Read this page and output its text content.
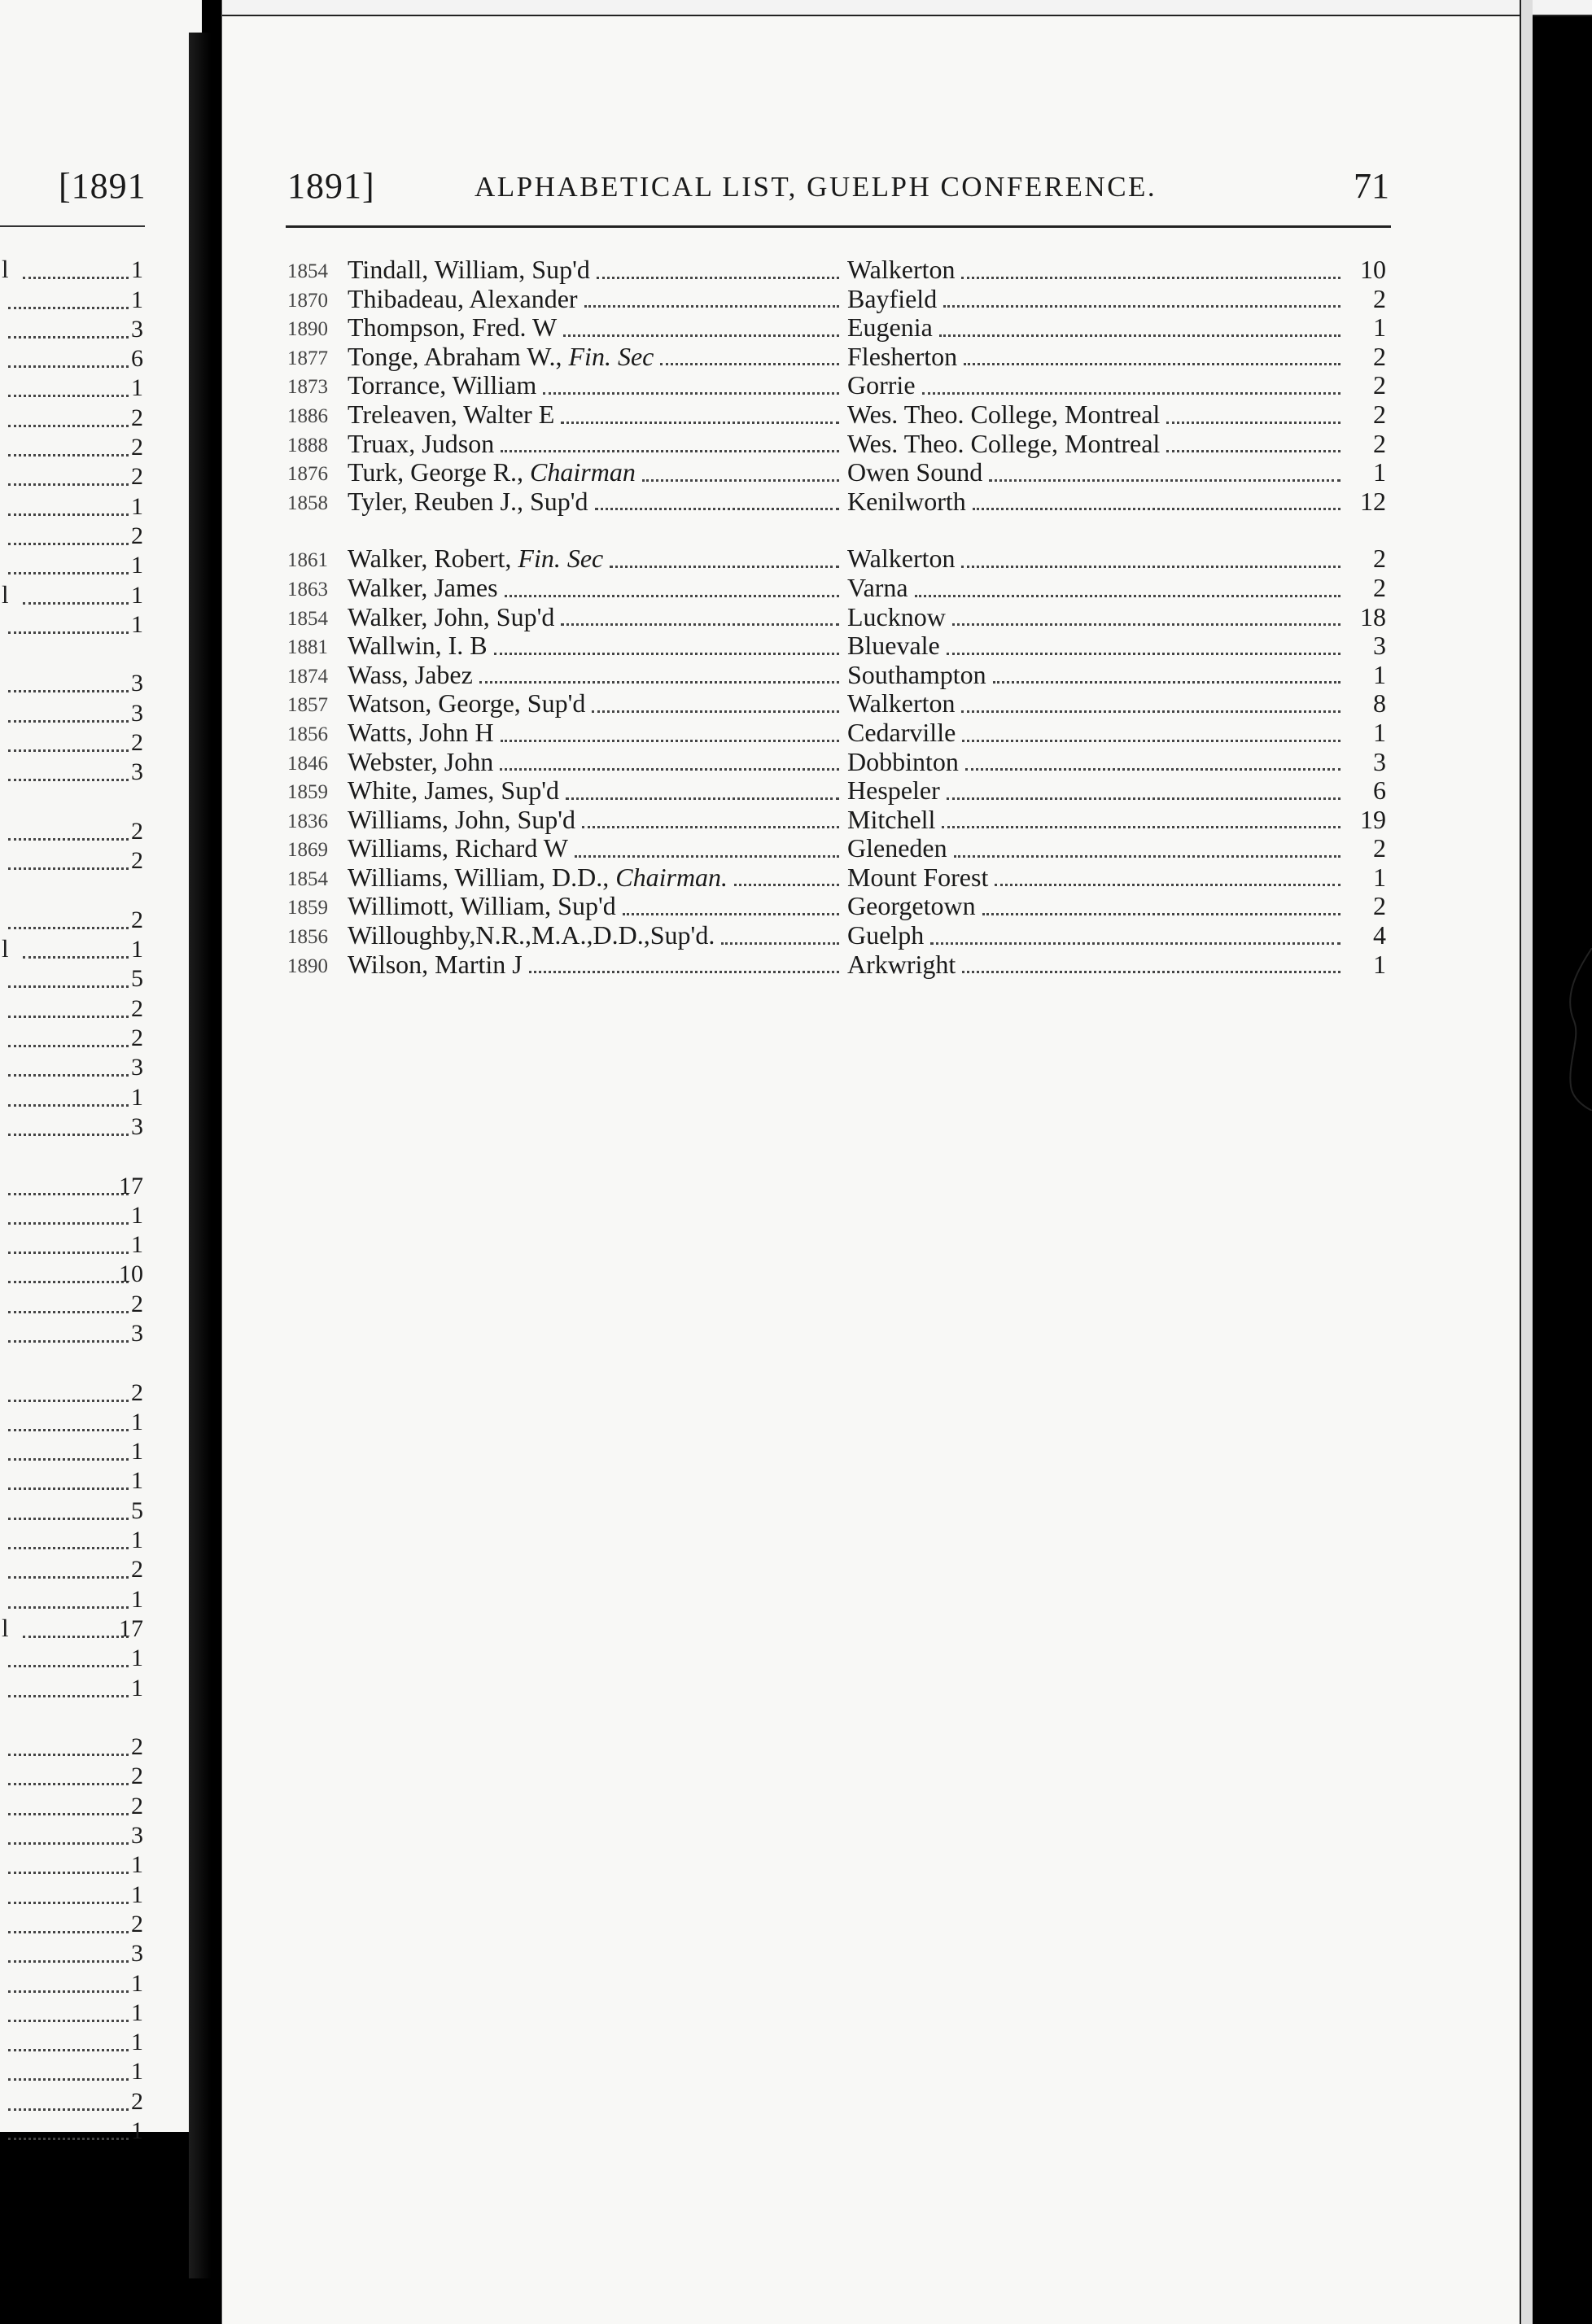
[1891
l	1
1
3
6
1
2
2
2
1
2
1
l	1
1
3
3
2
3
2
2
2
l	1
5
2
2
3
1
3
17
1
1
10
2
3
2
1
1
1
5
1
2
1
l	17
1
1
2
2
2
3
1
1
2
3
1
1
1
1
2
1
1891]	ALPHABETICAL LIST, GUELPH CONFERENCE.	71
1854 Tindall, William, Sup'd	Walkerton	10
1870 Thibadeau, Alexander	Bayfield	2
1890 Thompson, Fred. W	Eugenia	1
1877 Tonge, Abraham W., Fin. Sec	Flesherton	2
1873 Torrance, William	Gorrie	2
1886 Treleaven, Walter E	Wes. Theo. College, Montreal	2
1888 Truax, Judson	Wes. Theo. College, Montreal	2
1876 Turk, George R., Chairman	Owen Sound	1
1858 Tyler, Reuben J., Sup'd	Kenilworth	12
1861 Walker, Robert, Fin. Sec	Walkerton	2
1863 Walker, James	Varna	2
1854 Walker, John, Sup'd	Lucknow	18
1881 Wallwin, I. B	Bluevale	3
1874 Wass, Jabez	Southampton	1
1857 Watson, George, Sup'd	Walkerton	8
1856 Watts, John H	Cedarville	1
1846 Webster, John	Dobbinton	3
1859 White, James, Sup'd	Hespeler	6
1836 Williams, John, Sup'd	Mitchell	19
1869 Williams, Richard W	Gleneden	2
1854 Williams, William, D.D., Chairman.	Mount Forest	1
1859 Willimott, William, Sup'd	Georgetown	2
1856 Willoughby,N.R.,M.A.,D.D.,Sup'd.	Guelph	4
1890 Wilson, Martin J	Arkwright	1
